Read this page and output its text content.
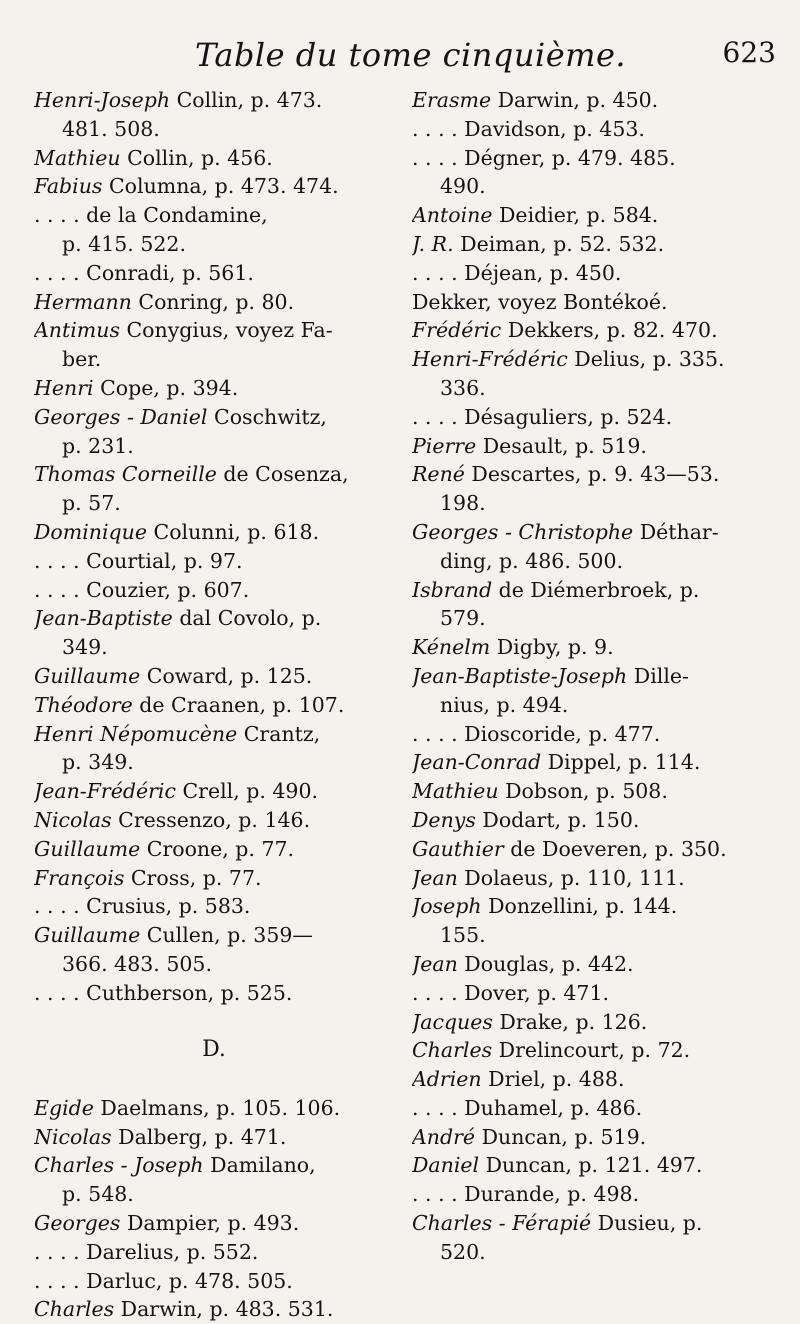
Table du tome cinquième.	623
Henri-Joseph Collin, p. 473.
481. 508.
Mathieu Collin, p. 456.
Fabius Columna, p. 473. 474.
. . . . de la Condamine,
p. 415. 522.
. . . . Conradi, p. 561.
Hermann Conring, p. 80.
Antimus Conygius, voyez Fa-
ber.
Henri Cope, p. 394.
Georges - Daniel Coschwitz,
p. 231.
Thomas Corneille de Cosenza,
p. 57.
Dominique Colunni, p. 618.
. . . . Courtial, p. 97.
. . . . Couzier, p. 607.
Jean-Baptiste dal Covolo, p.
349.
Guillaume Coward, p. 125.
Théodore de Craanen, p. 107.
Henri Népomucène Crantz,
p. 349.
Jean-Frédéric Crell, p. 490.
Nicolas Cressenzo, p. 146.
Guillaume Croone, p. 77.
François Cross, p. 77.
. . . . Crusius, p. 583.
Guillaume Cullen, p. 359—
366. 483. 505.
. . . . Cuthberson, p. 525.
D.
Egide Daelmans, p. 105. 106.
Nicolas Dalberg, p. 471.
Charles - Joseph Damilano,
p. 548.
Georges Dampier, p. 493.
. . . . Darelius, p. 552.
. . . . Darluc, p. 478. 505.
Charles Darwin, p. 483. 531.
Erasme Darwin, p. 450.
. . . . Davidson, p. 453.
. . . . Dégner, p. 479. 485.
490.
Antoine Deidier, p. 584.
J. R. Deiman, p. 52. 532.
. . . . Déjean, p. 450.
Dekker, voyez Bontékoé.
Frédéric Dekkers, p. 82. 470.
Henri-Frédéric Delius, p. 335.
336.
. . . . Désaguliers, p. 524.
Pierre Desault, p. 519.
René Descartes, p. 9. 43—53.
198.
Georges - Christophe Déthar-
ding, p. 486. 500.
Isbrand de Diémerbroek, p.
579.
Kénelm Digby, p. 9.
Jean-Baptiste-Joseph Dille-
nius, p. 494.
. . . . Dioscoride, p. 477.
Jean-Conrad Dippel, p. 114.
Mathieu Dobson, p. 508.
Denys Dodart, p. 150.
Gauthier de Doeveren, p. 350.
Jean Dolaeus, p. 110, 111.
Joseph Donzellini, p. 144.
155.
Jean Douglas, p. 442.
. . . . Dover, p. 471.
Jacques Drake, p. 126.
Charles Drelincourt, p. 72.
Adrien Driel, p. 488.
. . . . Duhamel, p. 486.
André Duncan, p. 519.
Daniel Duncan, p. 121. 497.
. . . . Durande, p. 498.
Charles - Férapié Dusieu, p.
520.
